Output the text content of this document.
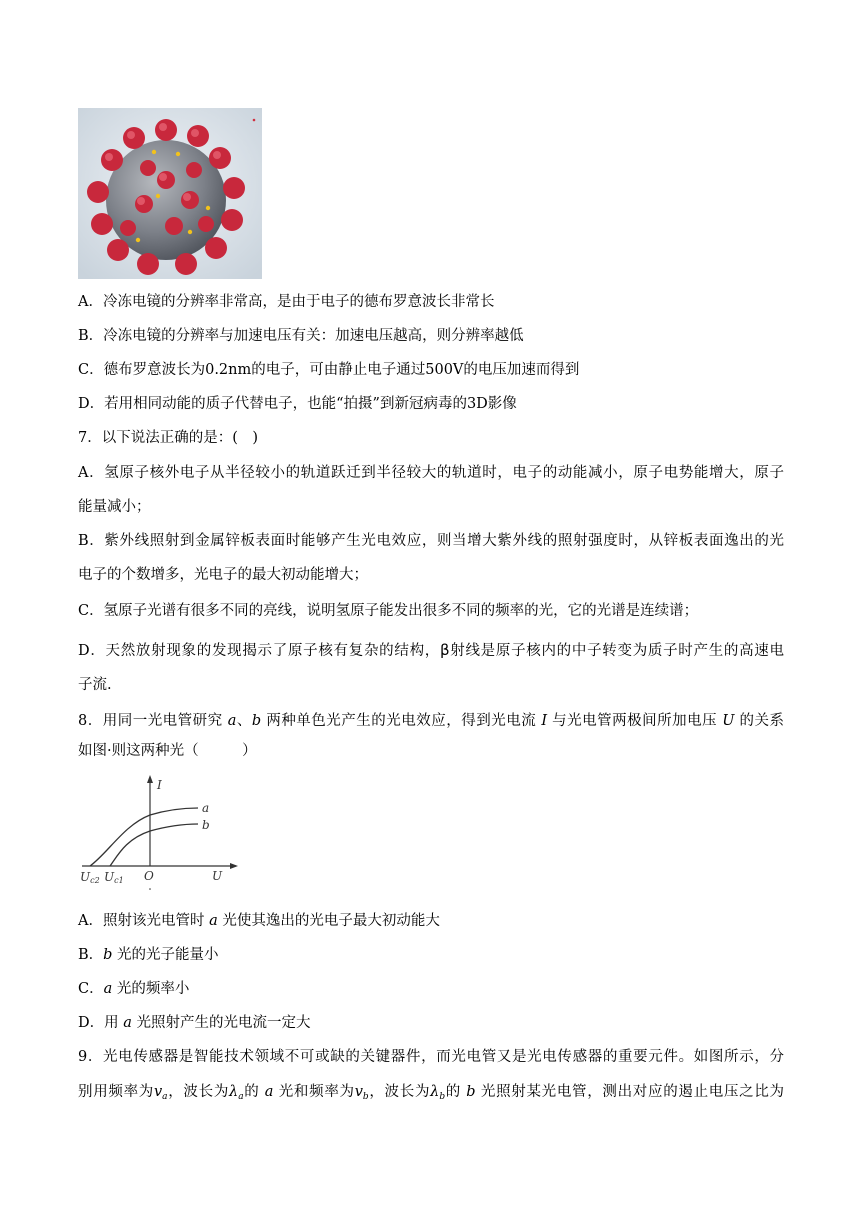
A．冷冻电镜的分辨率非常高，是由于电子的德布罗意波长非常长
B．冷冻电镜的分辨率与加速电压有关：加速电压越高，则分辨率越低
C．德布罗意波长为0.2nm的电子，可由静止电子通过500V的电压加速而得到
D．若用相同动能的质子代替电子，也能“拍摄”到新冠病毒的3D影像
7．以下说法正确的是：(　)
A．氢原子核外电子从半径较小的轨道跃迁到半径较大的轨道时，电子的动能减小，原子电势能增大，原子
能量减小；
B．紫外线照射到金属锌板表面时能够产生光电效应，则当增大紫外线的照射强度时，从锌板表面逸出的光
电子的个数增多，光电子的最大初动能增大；
C．氢原子光谱有很多不同的亮线，说明氢原子能发出很多不同的频率的光，它的光谱是连续谱；
D．天然放射现象的发现揭示了原子核有复杂的结构，β射线是原子核内的中子转变为质子时产生的高速电
子流.
8．用同一光电管研究 a、b 两种单色光产生的光电效应，得到光电流 I 与光电管两极间所加电压 U 的关系
如图·则这两种光（　　　）
I
a
b
O	U
Uc2 Uc1
A．照射该光电管时 a 光使其逸出的光电子最大初动能大
B．b 光的光子能量小
C．a 光的频率小
D．用 a 光照射产生的光电流一定大
9．光电传感器是智能技术领域不可或缺的关键器件，而光电管又是光电传感器的重要元件。如图所示，分
别用频率为$v_a$，波长为$\lambda_a$的 a 光和频率为$v_b$，波长为$\lambda_b$的 b 光照射某光电管，测出对应的遏止电压之比为
